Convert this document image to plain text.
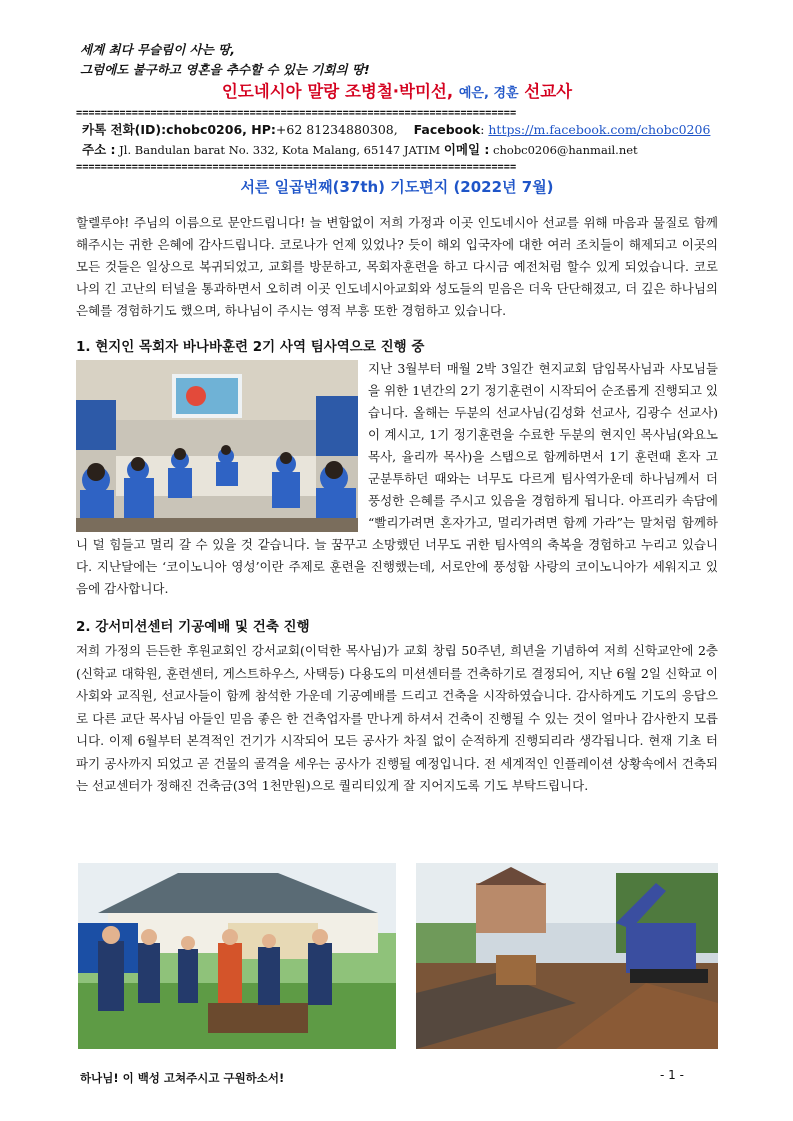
세계 최다 무슬림이 사는 땅,
그럼에도 불구하고 영혼을 추수할 수 있는 기회의 땅!
인도네시아 말랑 조병철·박미선, 예은, 경훈 선교사
=======================================================================
카톡 전화(ID):chobc0206, HP:+62 81234880308, Facebook: https://m.facebook.com/chobc0206
주소 : Jl. Bandulan barat No. 332, Kota Malang, 65147 JATIM 이메일 : chobc0206@hanmail.net
=======================================================================
서른 일곱번째(37th) 기도편지 (2022년 7월)
할렐루야! 주님의 이름으로 문안드립니다! 늘 변함없이 저희 가정과 이곳 인도네시아 선교를 위해 마음과 물질로 함께해주시는 귀한 은혜에 감사드립니다. 코로나가 언제 있었나? 듯이 해외 입국자에 대한 여러 조치들이 해제되고 이곳의 모든 것들은 일상으로 복귀되었고, 교회를 방문하고, 목회자훈련을 하고 다시금 예전처럼 할수 있게 되었습니다. 코로나의 긴 고난의 터널을 통과하면서 오히려 이곳 인도네시아교회와 성도들의 믿음은 더욱 단단해졌고, 더 깊은 하나님의 은혜를 경험하기도 했으며, 하나님이 주시는 영적 부흥 또한 경험하고 있습니다.
1. 현지인 목회자 바나바훈련 2기 사역 팀사역으로 진행 중
지난 3월부터 매월 2박 3일간 현지교회 담임목사님과 사모님들을 위한 1년간의 2기 정기훈련이 시작되어 순조롭게 진행되고 있습니다. 올해는 두분의 선교사님(김성화 선교사, 김광수 선교사)이 계시고, 1기 정기훈련을 수료한 두분의 현지인 목사님(와요노 목사, 율리까 목사)을 스탭으로 함께하면서 1기 훈련때 혼자 고군분투하던 때와는 너무도 다르게 팀사역가운데 하나님께서 더 풍성한 은혜를 주시고 있음을 경험하게 됩니다. 아프리카 속담에 “빨리가려면 혼자가고, 멀리가려면 함께 가라”는 말처럼 함께하니 덜 힘들고 멀리 갈 수 있을 것 같습니다. 늘 꿈꾸고 소망했던 너무도 귀한 팀사역의 축복을 경험하고 누리고 있습니다. 지난달에는 ‘코이노니아 영성’이란 주제로 훈련을 진행했는데, 서로안에 풍성함 사랑의 코이노니아가 세워지고 있음에 감사합니다.
2. 강서미션센터 기공예배 및 건축 진행
저희 가정의 든든한 후원교회인 강서교회(이덕한 목사님)가 교회 창립 50주년, 희년을 기념하여 저희 신학교안에 2층(신학교 대학원, 훈련센터, 게스트하우스, 사택등) 다용도의 미션센터를 건축하기로 결정되어, 지난 6월 2일 신학교 이사회와 교직원, 선교사들이 함께 참석한 가운데 기공예배를 드리고 건축을 시작하였습니다. 감사하게도 기도의 응답으로 다른 교단 목사님 아들인 믿음 좋은 한 건축업자를 만나게 하셔서 건축이 진행될 수 있는 것이 얼마나 감사한지 모릅니다. 이제 6월부터 본격적인 건기가 시작되어 모든 공사가 차질 없이 순적하게 진행되리라 생각됩니다. 현재 기초 터파기 공사까지 되었고 곧 건물의 골격을 세우는 공사가 진행될 예정입니다. 전 세계적인 인플레이션 상황속에서 건축되는 선교센터가 정해진 건축금(3억 1천만원)으로 퀄리티있게 잘 지어지도록 기도 부탁드립니다.
하나님! 이 백성 고쳐주시고 구원하소서!	- 1 -
